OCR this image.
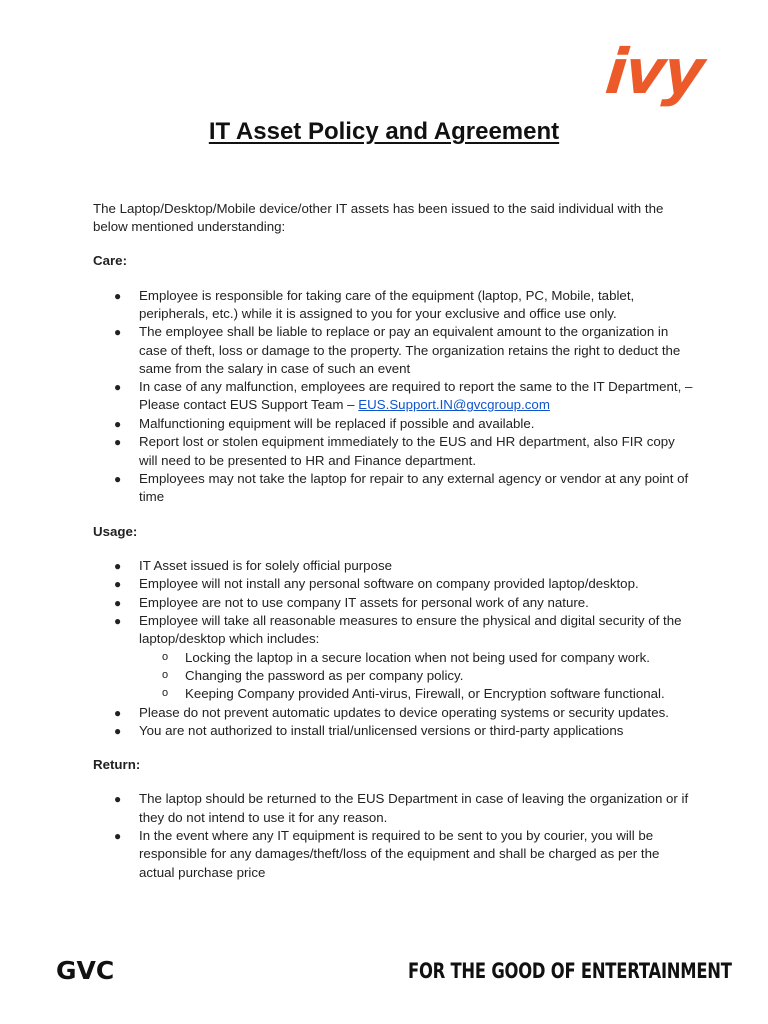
ivy
IT Asset Policy and Agreement

The Laptop/Desktop/Mobile device/other IT assets has been issued to the said individual with the below mentioned understanding:

Care:
● Employee is responsible for taking care of the equipment (laptop, PC, Mobile, tablet, peripherals, etc.) while it is assigned to you for your exclusive and office use only.
● The employee shall be liable to replace or pay an equivalent amount to the organization in case of theft, loss or damage to the property. The organization retains the right to deduct the same from the salary in case of such an event
● In case of any malfunction, employees are required to report the same to the IT Department, – Please contact EUS Support Team – EUS.Support.IN@gvcgroup.com
● Malfunctioning equipment will be replaced if possible and available.
● Report lost or stolen equipment immediately to the EUS and HR department, also FIR copy will need to be presented to HR and Finance department.
● Employees may not take the laptop for repair to any external agency or vendor at any point of time
Usage:
● IT Asset issued is for solely official purpose
● Employee will not install any personal software on company provided laptop/desktop.
● Employee are not to use company IT assets for personal work of any nature.
● Employee will take all reasonable measures to ensure the physical and digital security of the laptop/desktop which includes:
o Locking the laptop in a secure location when not being used for company work.
o Changing the password as per company policy.
o Keeping Company provided Anti-virus, Firewall, or Encryption software functional.
● Please do not prevent automatic updates to device operating systems or security updates.
● You are not authorized to install trial/unlicensed versions or third-party applications
Return:
● The laptop should be returned to the EUS Department in case of leaving the organization or if they do not intend to use it for any reason.
● In the event where any IT equipment is required to be sent to you by courier, you will be responsible for any damages/theft/loss of the equipment and shall be charged as per the actual purchase price
GVC	FOR THE GOOD OF ENTERTAINMENT
